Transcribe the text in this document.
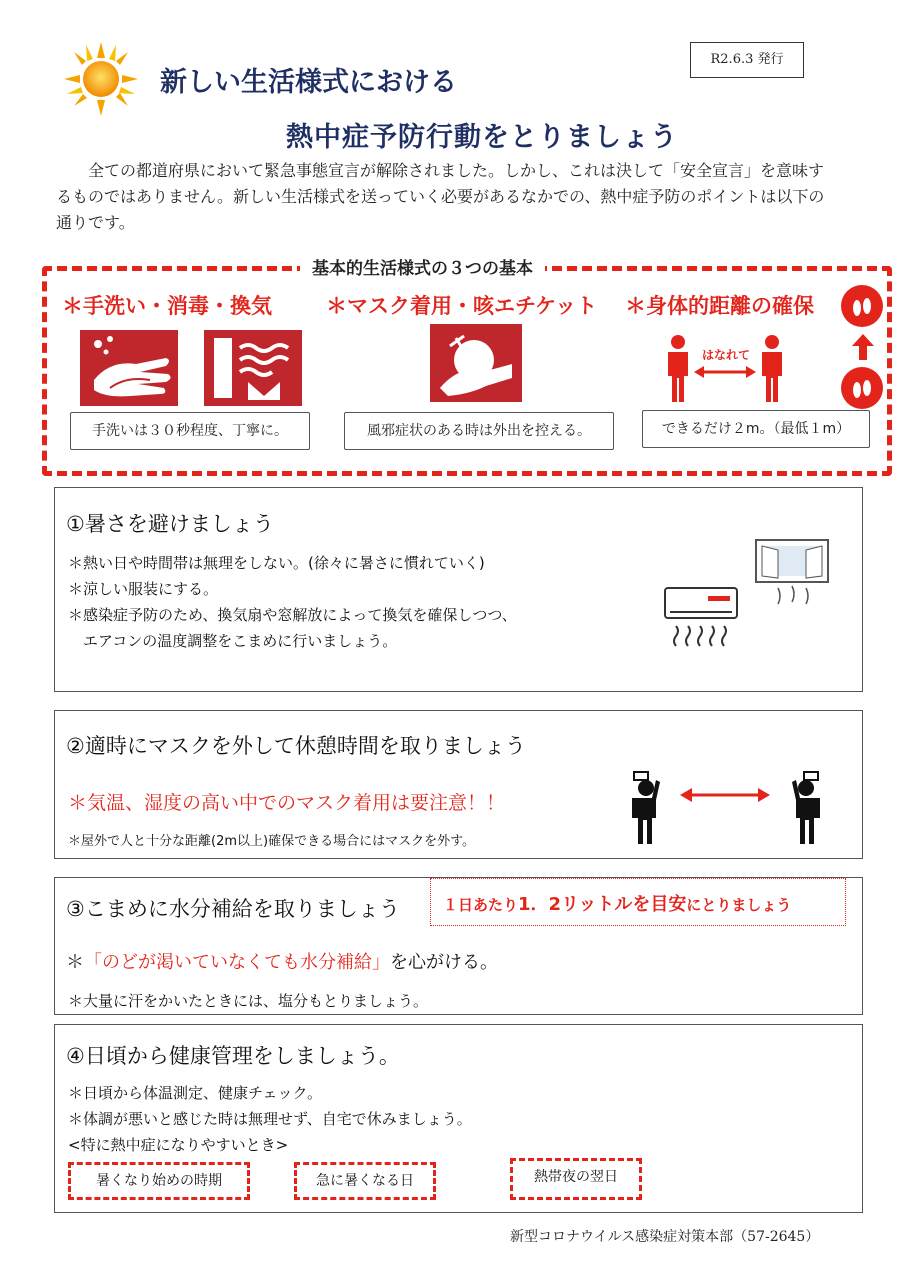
R2.6.3 発行
新しい生活様式における
熱中症予防行動をとりましょう
全ての都道府県において緊急事態宣言が解除されました。しかし、これは決して「安全宣言」を意味するものではありません。新しい生活様式を送っていく必要があるなかでの、熱中症予防のポイントは以下の通りです。
基本的生活様式の３つの基本
＊手洗い・消毒・換気	＊マスク着用・咳エチケット ＊身体的距離の確保
はなれて
手洗いは３０秒程度、丁寧に。	風邪症状のある時は外出を控える。	できるだけ２m。（最低１m）
①暑さを避けましょう
＊熱い日や時間帯は無理をしない。(徐々に暑さに慣れていく)
＊涼しい服装にする。
＊感染症予防のため、換気扇や窓解放によって換気を確保しつつ、
　エアコンの温度調整をこまめに行いましょう。
②適時にマスクを外して休憩時間を取りましょう
＊気温、湿度の高い中でのマスク着用は要注意！！
＊屋外で人と十分な距離(2m以上)確保できる場合にはマスクを外す。
③こまめに水分補給を取りましょう	１日あたり1．2リットルを目安にとりましょう
＊「のどが渇いていなくても水分補給」を心がける。
＊大量に汗をかいたときには、塩分もとりましょう。
④日頃から健康管理をしましょう。
＊日頃から体温測定、健康チェック。
＊体調が悪いと感じた時は無理せず、自宅で休みましょう。
<特に熱中症になりやすいとき>
暑くなり始めの時期	急に暑くなる日	熱帯夜の翌日
新型コロナウイルス感染症対策本部（57‐2645）
